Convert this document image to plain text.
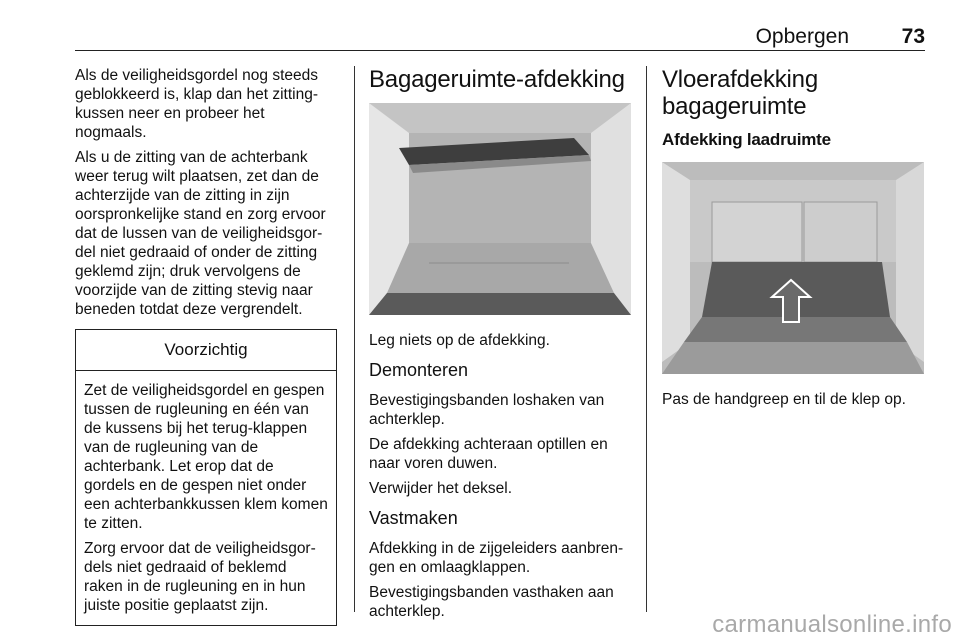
Opbergen	73

Als de veiligheidsgordel nog steeds geblokkeerd is, klap dan het zitting-kussen neer en probeer het nogmaals.

Als u de zitting van de achterbank weer terug wilt plaatsen, zet dan de achterzijde van de zitting in zijn oorspronkelijke stand en zorg ervoor dat de lussen van de veiligheidsgor-del niet gedraaid of onder de zitting geklemd zijn; druk vervolgens de voorzijde van de zitting stevig naar beneden totdat deze vergrendelt.

Voorzichtig

Zet de veiligheidsgordel en gespen tussen de rugleuning en één van de kussens bij het terug-klappen van de rugleuning van de achterbank. Let erop dat de gordels en de gespen niet onder een achterbankkussen klem komen te zitten.

Zorg ervoor dat de veiligheidsgor-dels niet gedraaid of beklemd raken in de rugleuning en in hun juiste positie geplaatst zijn.

Bagageruimte-afdekking

Leg niets op de afdekking.

Demonteren

Bevestigingsbanden loshaken van achterklep.

De afdekking achteraan optillen en naar voren duwen.

Verwijder het deksel.

Vastmaken

Afdekking in de zijgeleiders aanbren-gen en omlaagklappen.

Bevestigingsbanden vasthaken aan achterklep.

Vloerafdekking bagageruimte
Afdekking laadruimte

Pas de handgreep en til de klep op.

carmanualsonline.info
